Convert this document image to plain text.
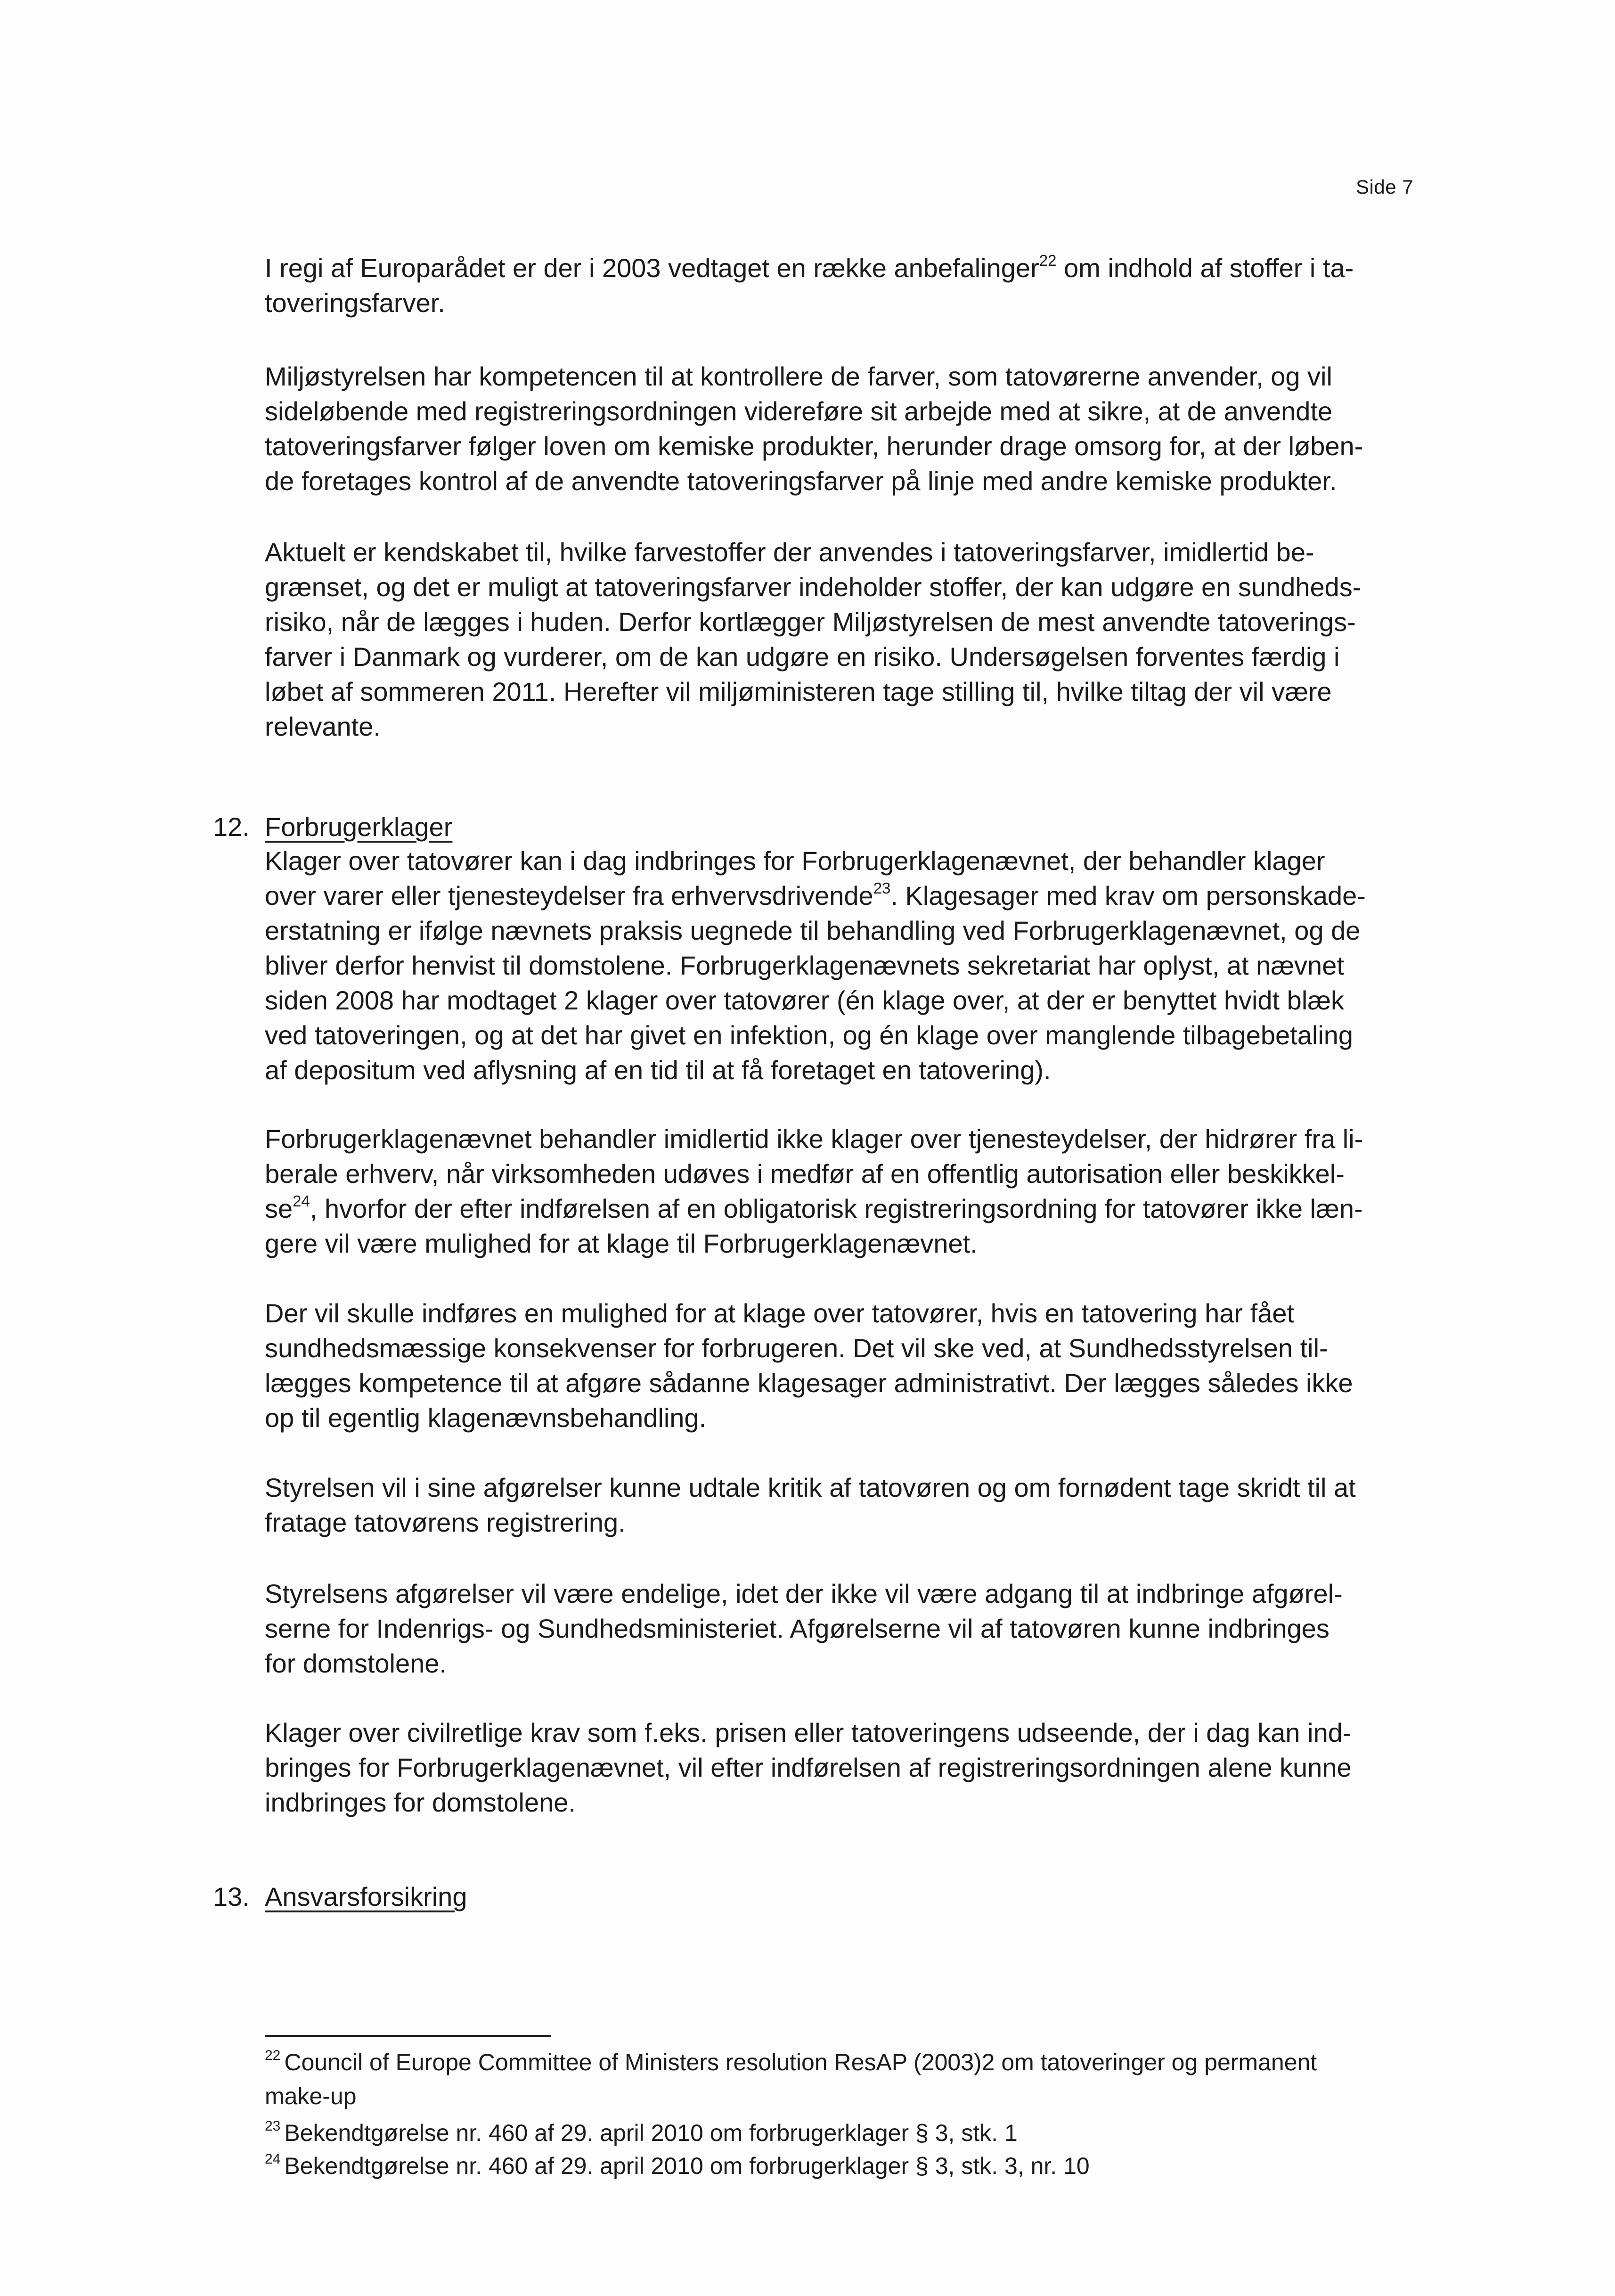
Side 7
I regi af Europarådet er der i 2003 vedtaget en række anbefalinger$^{22}$ om indhold af stoffer i ta-
toveringsfarver.
Miljøstyrelsen har kompetencen til at kontrollere de farver, som tatovørerne anvender, og vil
sideløbende med registreringsordningen videreføre sit arbejde med at sikre, at de anvendte
tatoveringsfarver følger loven om kemiske produkter, herunder drage omsorg for, at der løben-
de foretages kontrol af de anvendte tatoveringsfarver på linje med andre kemiske produkter.
Aktuelt er kendskabet til, hvilke farvestoffer der anvendes i tatoveringsfarver, imidlertid be-
grænset, og det er muligt at tatoveringsfarver indeholder stoffer, der kan udgøre en sundheds-
risiko, når de lægges i huden. Derfor kortlægger Miljøstyrelsen de mest anvendte tatoverings-
farver i Danmark og vurderer, om de kan udgøre en risiko. Undersøgelsen forventes færdig i
løbet af sommeren 2011. Herefter vil miljøministeren tage stilling til, hvilke tiltag der vil være
relevante.
12. Forbrugerklager
Klager over tatovører kan i dag indbringes for Forbrugerklagenævnet, der behandler klager
over varer eller tjenesteydelser fra erhvervsdrivende$^{23}$. Klagesager med krav om personskade-
erstatning er ifølge nævnets praksis uegnede til behandling ved Forbrugerklagenævnet, og de
bliver derfor henvist til domstolene. Forbrugerklagenævnets sekretariat har oplyst, at nævnet
siden 2008 har modtaget 2 klager over tatovører (én klage over, at der er benyttet hvidt blæk
ved tatoveringen, og at det har givet en infektion, og én klage over manglende tilbagebetaling
af depositum ved aflysning af en tid til at få foretaget en tatovering).
Forbrugerklagenævnet behandler imidlertid ikke klager over tjenesteydelser, der hidrører fra li-
berale erhverv, når virksomheden udøves i medfør af en offentlig autorisation eller beskikkel-
$se^{24}$, hvorfor der efter indførelsen af en obligatorisk registreringsordning for tatovører ikke læn-
gere vil være mulighed for at klage til Forbrugerklagenævnet.
Der vil skulle indføres en mulighed for at klage over tatovører, hvis en tatovering har fået
sundhedsmæssige konsekvenser for forbrugeren. Det vil ske ved, at Sundhedsstyrelsen til-
lægges kompetence til at afgøre sådanne klagesager administrativt. Der lægges således ikke
op til egentlig klagenævnsbehandling.
Styrelsen vil i sine afgørelser kunne udtale kritik af tatovøren og om fornødent tage skridt til at
fratage tatovørens registrering.
Styrelsens afgørelser vil være endelige, idet der ikke vil være adgang til at indbringe afgørel-
serne for Indenrigs- og Sundhedsministeriet. Afgørelserne vil af tatovøren kunne indbringes
for domstolene.
Klager over civilretlige krav som f.eks. prisen eller tatoveringens udseende, der i dag kan ind-
bringes for Forbrugerklagenævnet, vil efter indførelsen af registreringsordningen alene kunne
indbringes for domstolene.
13. Ansvarsforsikring
$^{22}$ Council of Europe Committee of Ministers resolution ResAP (2003)2 om tatoveringer og permanent
make-up
$^{23}$ Bekendtgørelse nr. 460 af 29. april 2010 om forbrugerklager § 3, stk. 1
$^{24}$ Bekendtgørelse nr. 460 af 29. april 2010 om forbrugerklager § 3, stk. 3, nr. 10
